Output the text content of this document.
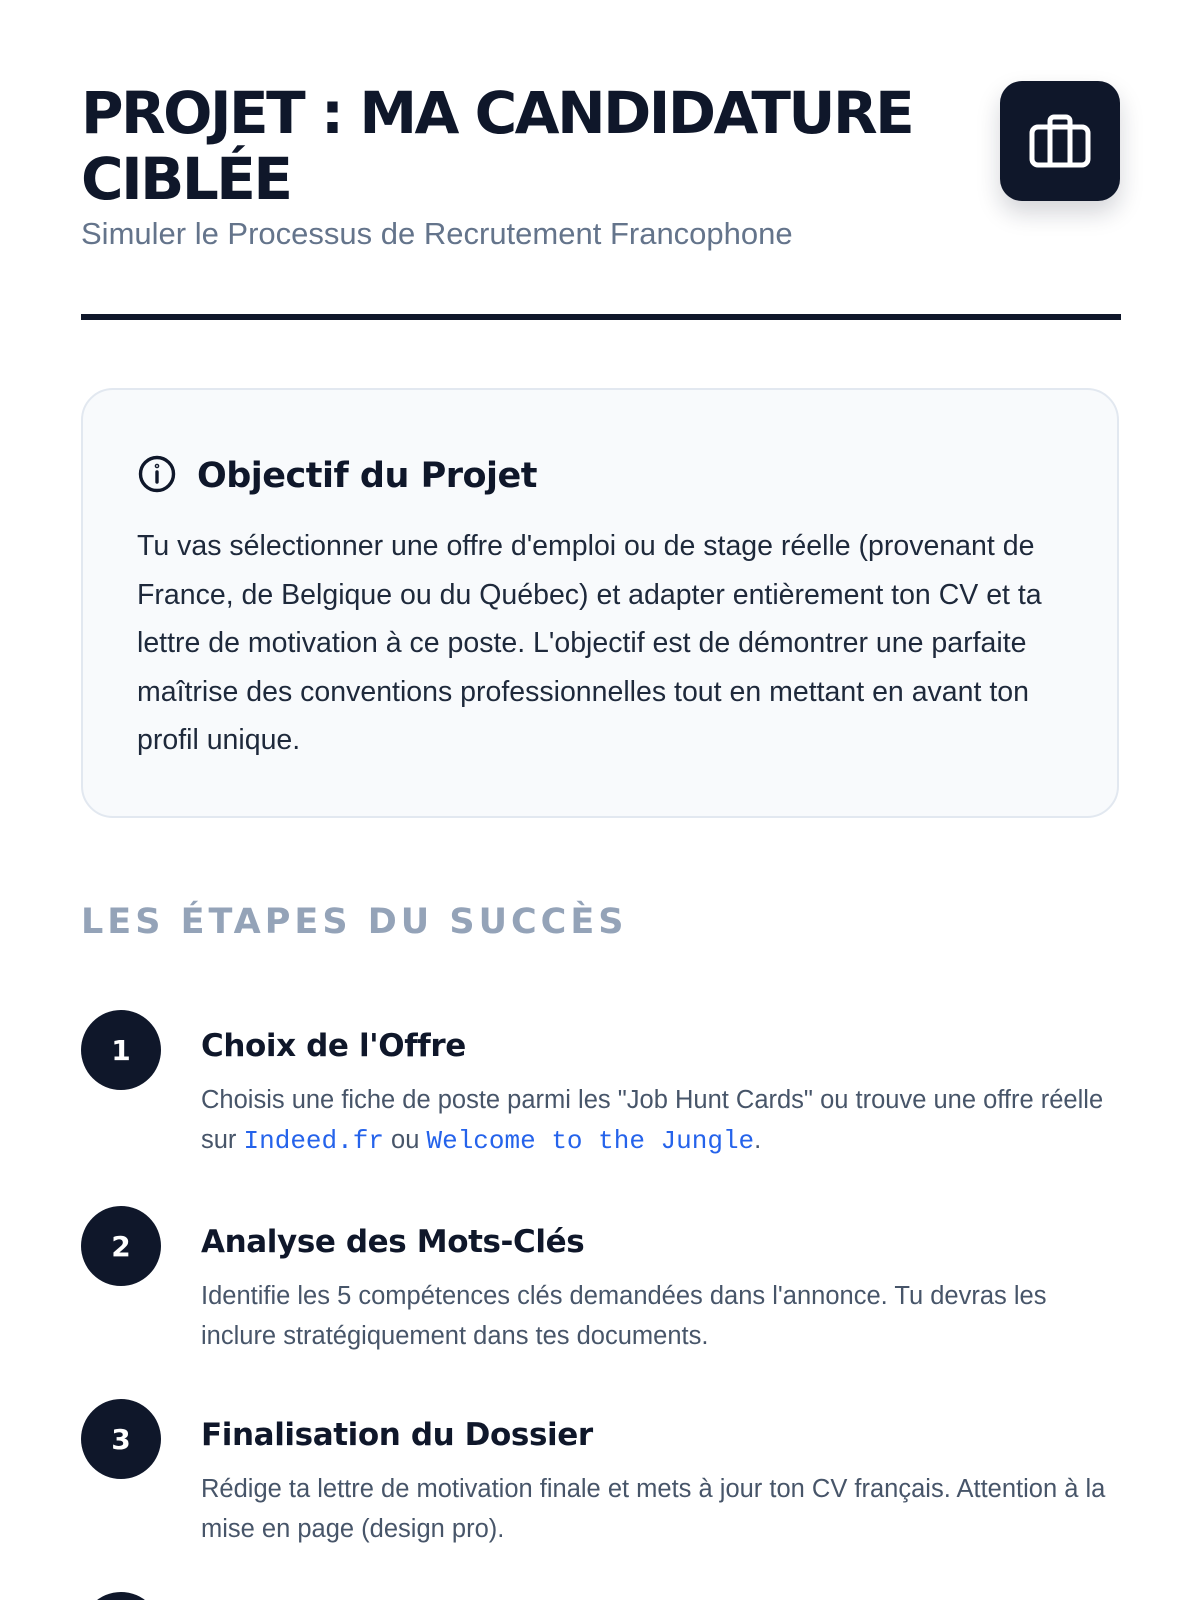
PROJET : MA CANDIDATURE CIBLÉE

Simuler le Processus de Recrutement Francophone

Objectif du Projet

Tu vas sélectionner une offre d'emploi ou de stage réelle (provenant de France, de Belgique ou du Québec) et adapter entièrement ton CV et ta lettre de motivation à ce poste. L'objectif est de démontrer une parfaite maîtrise des conventions professionnelles tout en mettant en avant ton profil unique.

LES ÉTAPES DU SUCCÈS
1	Choix de l'Offre

Choisis une fiche de poste parmi les "Job Hunt Cards" ou trouve une offre réelle sur Indeed.fr ou Welcome to the Jungle.

2	Analyse des Mots-Clés

Identifie les 5 compétences clés demandées dans l'annonce. Tu devras les inclure stratégiquement dans tes documents.

3	Finalisation du Dossier

Rédige ta lettre de motivation finale et mets à jour ton CV français. Attention à la mise en page (design pro).
